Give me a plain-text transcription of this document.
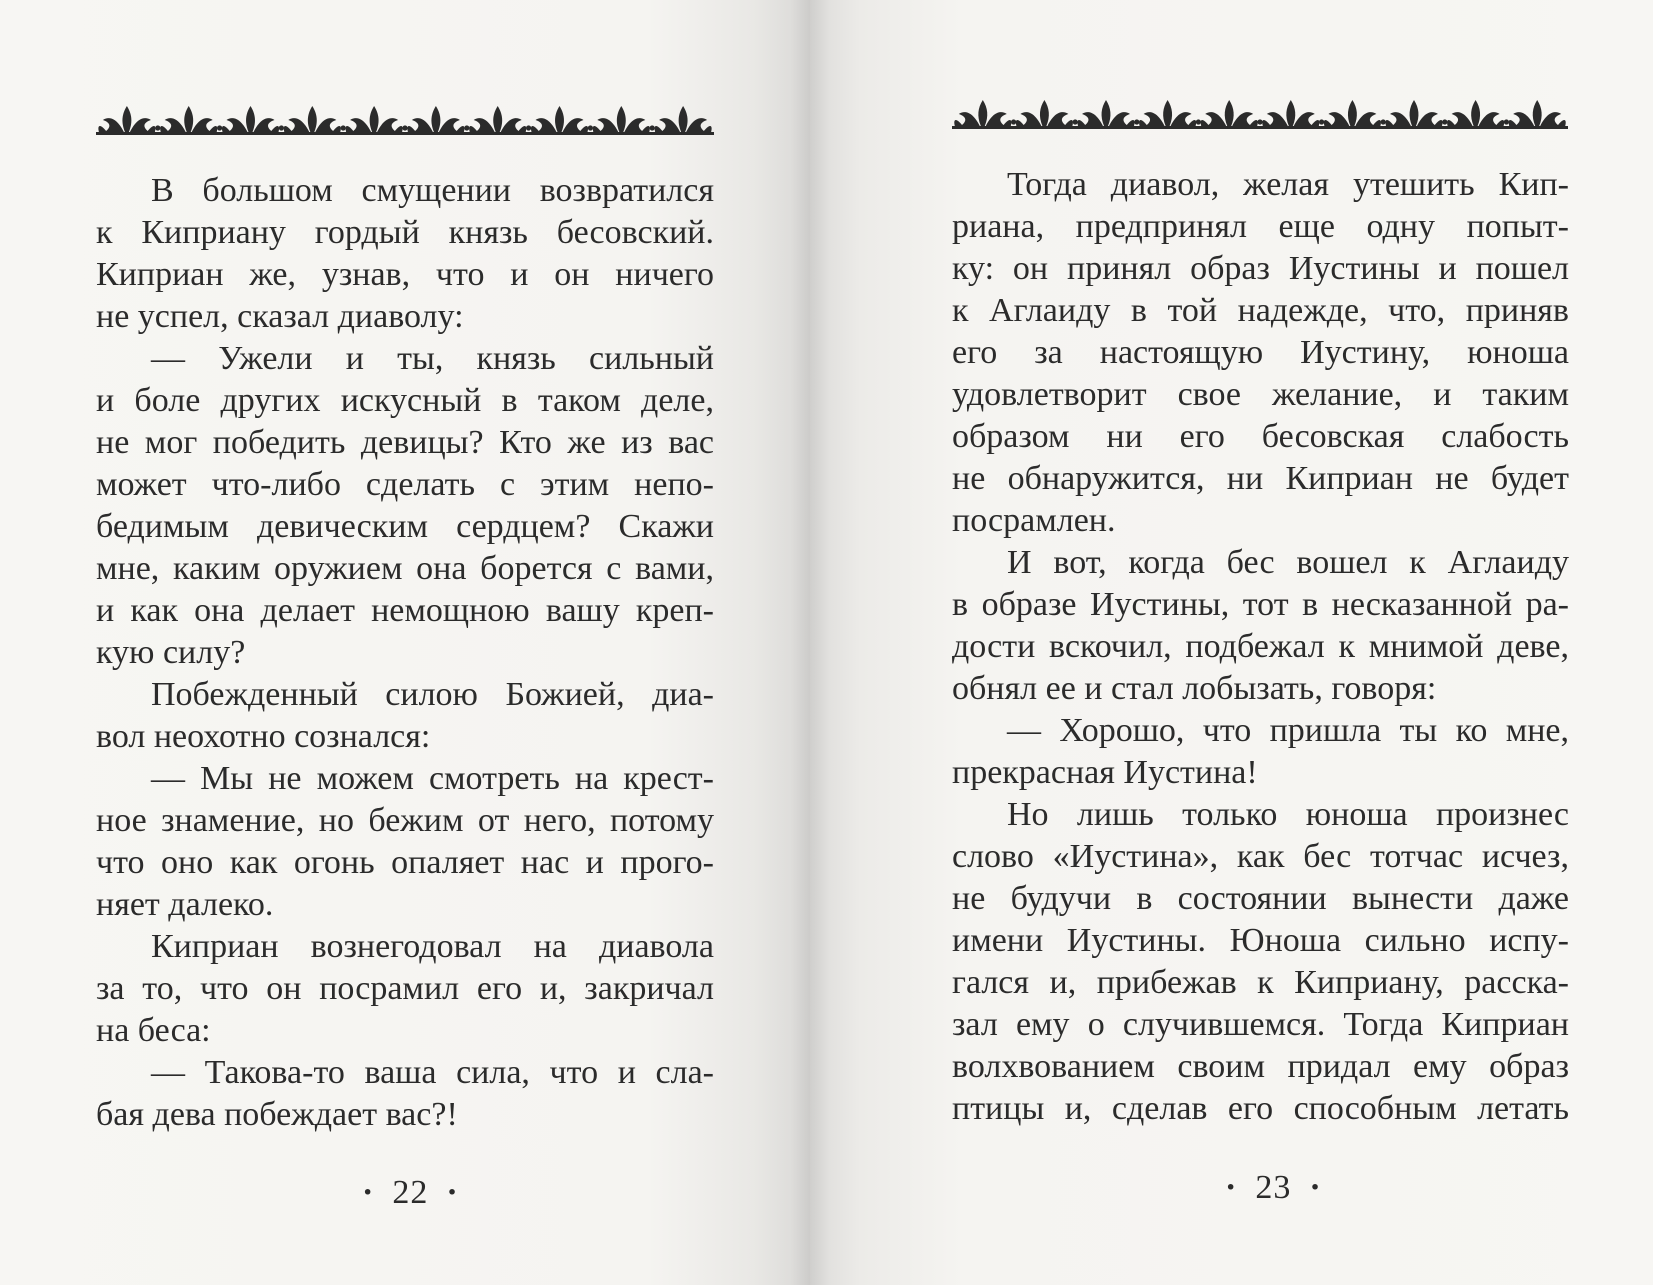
В большом смущении возвратился
к Киприану гордый князь бесовский.
Киприан же, узнав, что и он ничего
не успел, сказал диаволу:
— Ужели и ты, князь сильный
и боле других искусный в таком деле,
не мог победить девицы? Кто же из вас
может что-либо сделать с этим непо-
бедимым девическим сердцем? Скажи
мне, каким оружием она борется с вами,
и как она делает немощною вашу креп-
кую силу?
Побежденный силою Божией, диа-
вол неохотно сознался:
— Мы не можем смотреть на крест-
ное знамение, но бежим от него, потому
что оно как огонь опаляет нас и прого-
няет далеко.
Киприан вознегодовал на диавола
за то, что он посрамил его и, закричал
на беса:
— Такова-то ваша сила, что и сла-
бая дева побеждает вас?!
· 22 ·
Тогда диавол, желая утешить Кип-
риана, предпринял еще одну попыт-
ку: он принял образ Иустины и пошел
к Аглаиду в той надежде, что, приняв
его за настоящую Иустину, юноша
удовлетворит свое желание, и таким
образом ни его бесовская слабость
не обнаружится, ни Киприан не будет
посрамлен.
И вот, когда бес вошел к Аглаиду
в образе Иустины, тот в несказанной ра-
дости вскочил, подбежал к мнимой деве,
обнял ее и стал лобызать, говоря:
— Хорошо, что пришла ты ко мне,
прекрасная Иустина!
Но лишь только юноша произнес
слово «Иустина», как бес тотчас исчез,
не будучи в состоянии вынести даже
имени Иустины. Юноша сильно испу-
гался и, прибежав к Киприану, расска-
зал ему о случившемся. Тогда Киприан
волхвованием своим придал ему образ
птицы и, сделав его способным летать
· 23 ·
